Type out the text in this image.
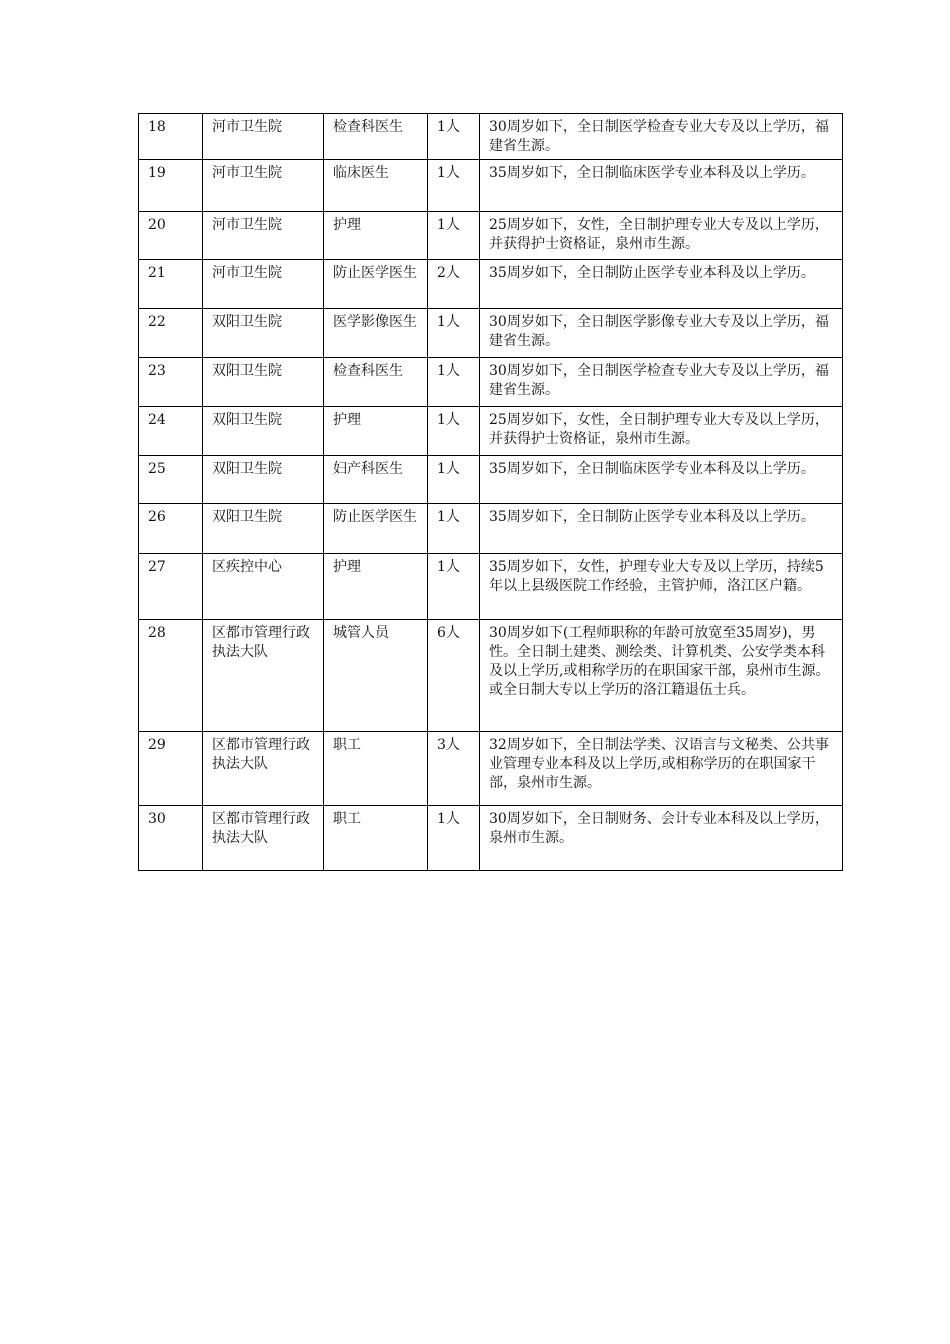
18	河市卫生院	检查科医生	1人	30周岁如下，全日制医学检查专业大专及以上学历，福建省生源。
19	河市卫生院	临床医生	1人	35周岁如下，全日制临床医学专业本科及以上学历。
20	河市卫生院	护理	1人	25周岁如下，女性，全日制护理专业大专及以上学历，并获得护士资格证，泉州市生源。
21	河市卫生院	防止医学医生	2人	35周岁如下，全日制防止医学专业本科及以上学历。
22	双阳卫生院	医学影像医生	1人	30周岁如下，全日制医学影像专业大专及以上学历，福建省生源。
23	双阳卫生院	检查科医生	1人	30周岁如下，全日制医学检查专业大专及以上学历，福建省生源。
24	双阳卫生院	护理	1人	25周岁如下，女性，全日制护理专业大专及以上学历，并获得护士资格证，泉州市生源。
25	双阳卫生院	妇产科医生	1人	35周岁如下，全日制临床医学专业本科及以上学历。
26	双阳卫生院	防止医学医生	1人	35周岁如下，全日制防止医学专业本科及以上学历。
27	区疾控中心	护理	1人	35周岁如下，女性，护理专业大专及以上学历，持续5年以上县级医院工作经验，主管护师，洛江区户籍。
28	区都市管理行政执法大队	城管人员	6人	30周岁如下(工程师职称的年龄可放宽至35周岁)，男性。全日制土建类、测绘类、计算机类、公安学类本科及以上学历,或相称学历的在职国家干部，泉州市生源。或全日制大专以上学历的洛江籍退伍士兵。
29	区都市管理行政执法大队	职工	3人	32周岁如下，全日制法学类、汉语言与文秘类、公共事业管理专业本科及以上学历,或相称学历的在职国家干部，泉州市生源。
30	区都市管理行政执法大队	职工	1人	30周岁如下，全日制财务、会计专业本科及以上学历，泉州市生源。
